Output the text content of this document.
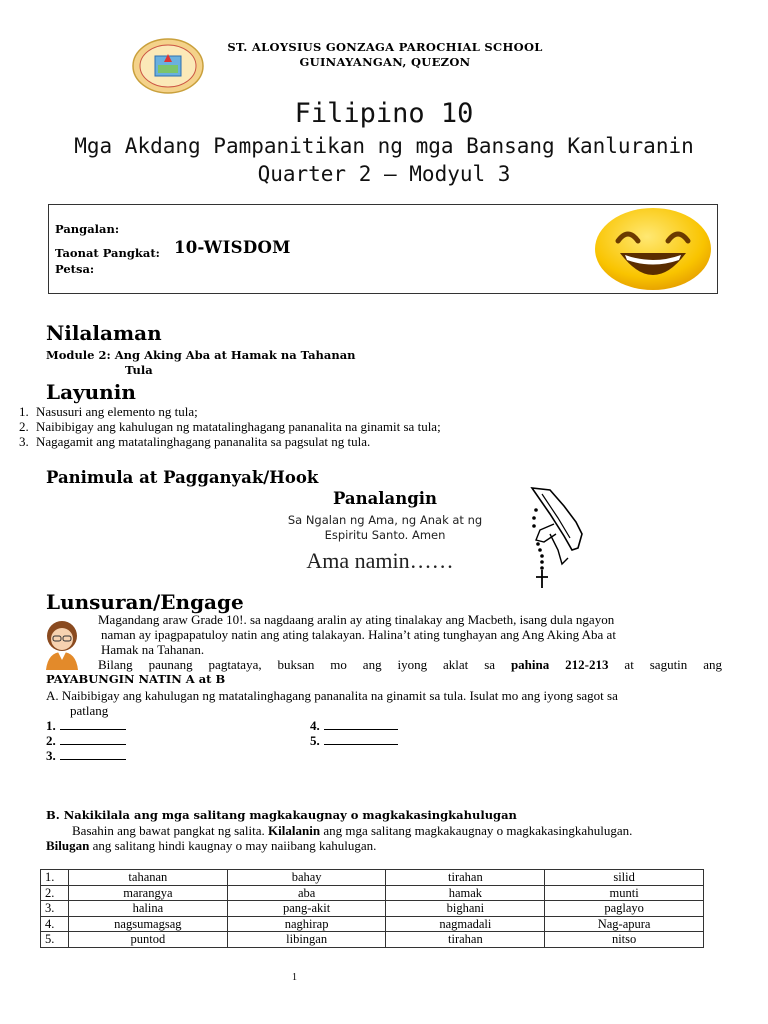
ST. ALOYSIUS GONZAGA PAROCHIAL SCHOOL
GUINAYANGAN, QUEZON
Filipino 10
Mga Akdang Pampanitikan ng mga Bansang Kanluranin
Quarter 2 – Modyul 3
Pangalan:
Taonat Pangkat: 10-WISDOM
Petsa:
Nilalaman
Module 2: Ang Aking Aba at Hamak na Tahanan
Tula
Layunin
1. Nasusuri ang elemento ng tula;
2. Naibibigay ang kahulugan ng matatalinghagang pananalita na ginamit sa tula;
3. Nagagamit ang matatalinghagang pananalita sa pagsulat ng tula.
Panimula at Pagganyak/Hook
Panalangin
Sa Ngalan ng Ama, ng Anak at ng
Espiritu Santo. Amen
Ama namin……
Lunsuran/Engage
Magandang araw Grade 10!. sa nagdaang aralin ay ating tinalakay ang Macbeth, isang dula ngayon
naman ay ipagpapatuloy natin ang ating talakayan. Halina’t ating tunghayan ang Ang Aking Aba at
Hamak na Tahanan.
Bilang paunang pagtataya, buksan mo ang iyong aklat sa pahina 212-213 at sagutin ang
PAYABUNGIN NATIN A at B
A. Naibibigay ang kahulugan ng matatalinghagang pananalita na ginamit sa tula. Isulat mo ang iyong sagot sa
patlang
1.
2.
3.
4.
5.
B. Nakikilala ang mga salitang magkakaugnay o magkakasingkahulugan
Basahin ang bawat pangkat ng salita. Kilalanin ang mga salitang magkakaugnay o magkakasingkahulugan.
Bilugan ang salitang hindi kaugnay o may naiibang kahulugan.
1.	tahanan	bahay	tirahan	silid
2.	marangya	aba	hamak	munti
3.	halina	pang-akit	bighani	paglayo
4.	nagsumagsag	naghirap	nagmadali	Nag-apura
5.	puntod	libingan	tirahan	nitso
1
